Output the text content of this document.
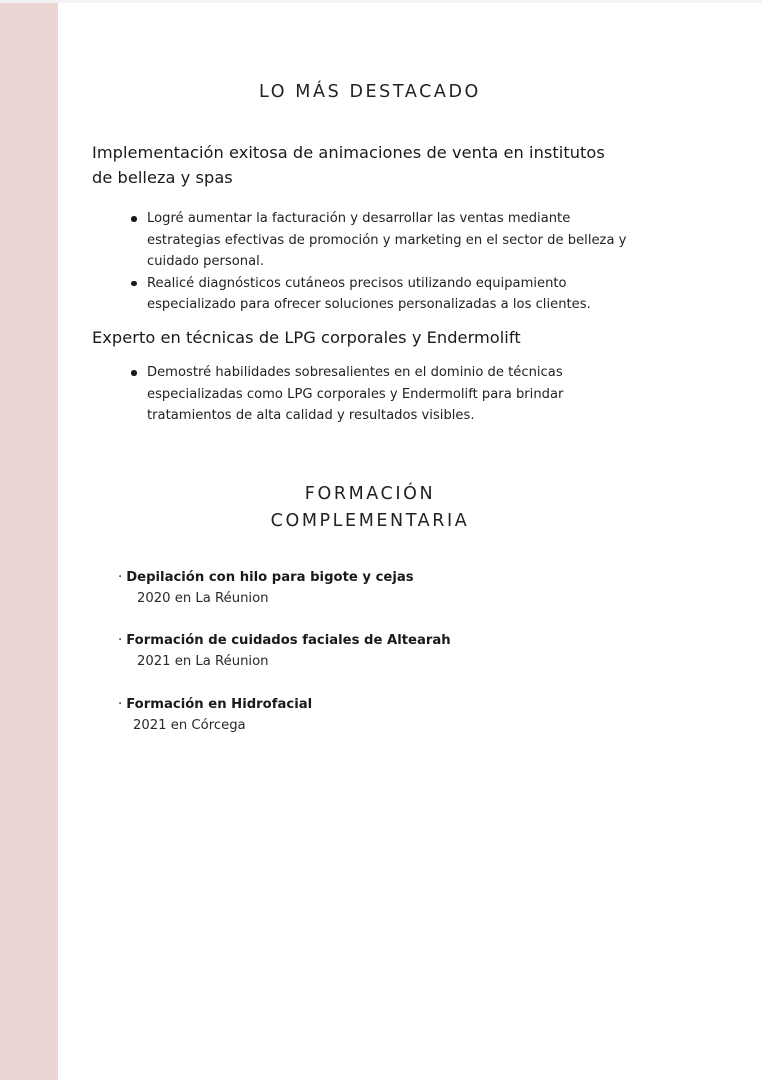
LO MÁS DESTACADO
Implementación exitosa de animaciones de venta en institutos
de belleza y spas
Logré aumentar la facturación y desarrollar las ventas mediante
estrategias efectivas de promoción y marketing en el sector de belleza y
cuidado personal.
Realicé diagnósticos cutáneos precisos utilizando equipamiento
especializado para ofrecer soluciones personalizadas a los clientes.
Experto en técnicas de LPG corporales y Endermolift
Demostré habilidades sobresalientes en el dominio de técnicas
especializadas como LPG corporales y Endermolift para brindar
tratamientos de alta calidad y resultados visibles.
FORMACIÓN
COMPLEMENTARIA
· Depilación con hilo para bigote y cejas
2020 en La Réunion
· Formación de cuidados faciales de Altearah
2021 en La Réunion
· Formación en Hidrofacial
2021 en Córcega
